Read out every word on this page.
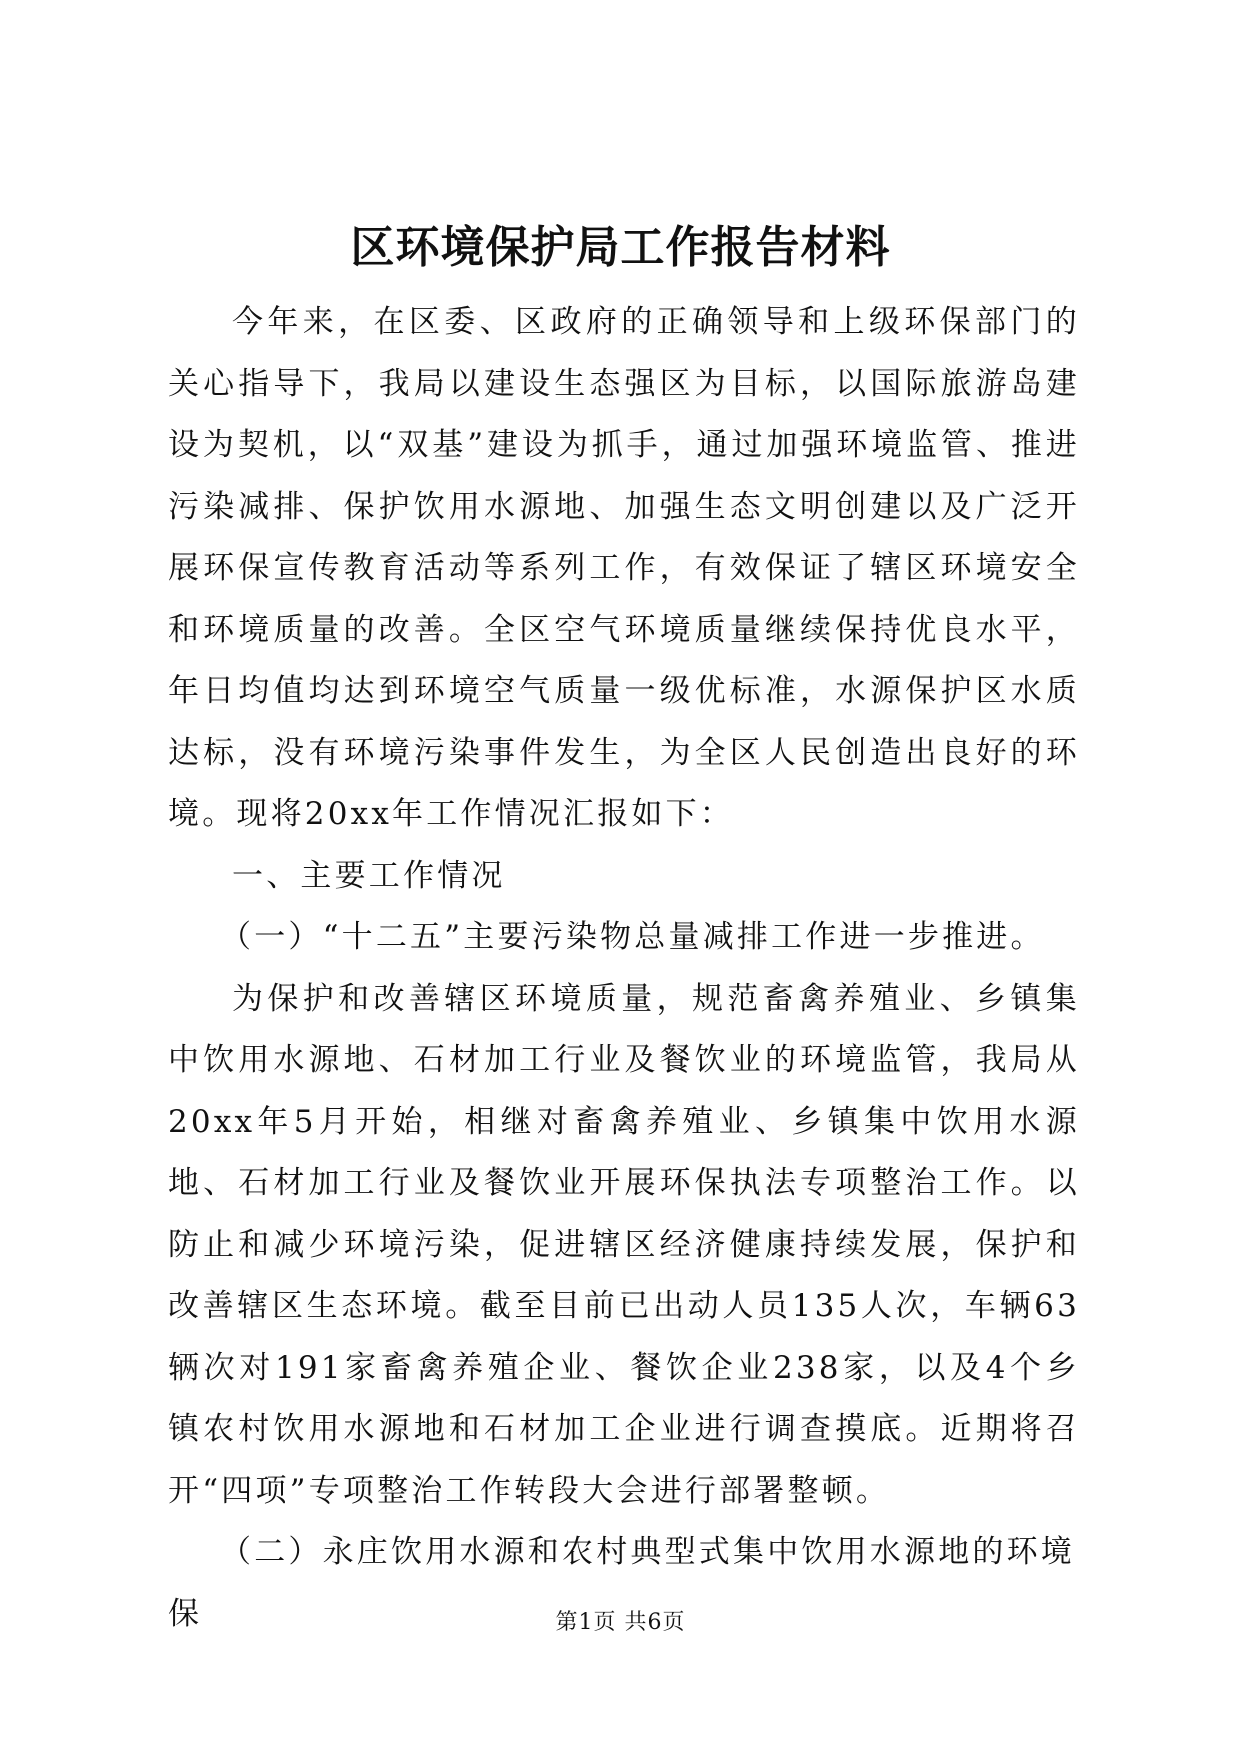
区环境保护局工作报告材料

今年来，在区委、区政府的正确领导和上级环保部门的关心指导下，我局以建设生态强区为目标，以国际旅游岛建设为契机，以“双基”建设为抓手，通过加强环境监管、推进污染减排、保护饮用水源地、加强生态文明创建以及广泛开展环保宣传教育活动等系列工作，有效保证了辖区环境安全和环境质量的改善。全区空气环境质量继续保持优良水平，年日均值均达到环境空气质量一级优标准，水源保护区水质达标，没有环境污染事件发生，为全区人民创造出良好的环境。现将20xx年工作情况汇报如下：

一、主要工作情况

（一）“十二五”主要污染物总量减排工作进一步推进。

为保护和改善辖区环境质量，规范畜禽养殖业、乡镇集中饮用水源地、石材加工行业及餐饮业的环境监管，我局从20xx年5月开始，相继对畜禽养殖业、乡镇集中饮用水源地、石材加工行业及餐饮业开展环保执法专项整治工作。以防止和减少环境污染，促进辖区经济健康持续发展，保护和改善辖区生态环境。截至目前已出动人员135人次，车辆63辆次对191家畜禽养殖企业、餐饮企业238家，以及4个乡镇农村饮用水源地和石材加工企业进行调查摸底。近期将召开“四项”专项整治工作转段大会进行部署整顿。

（二）永庄饮用水源和农村典型式集中饮用水源地的环境保	第1页 共6页
